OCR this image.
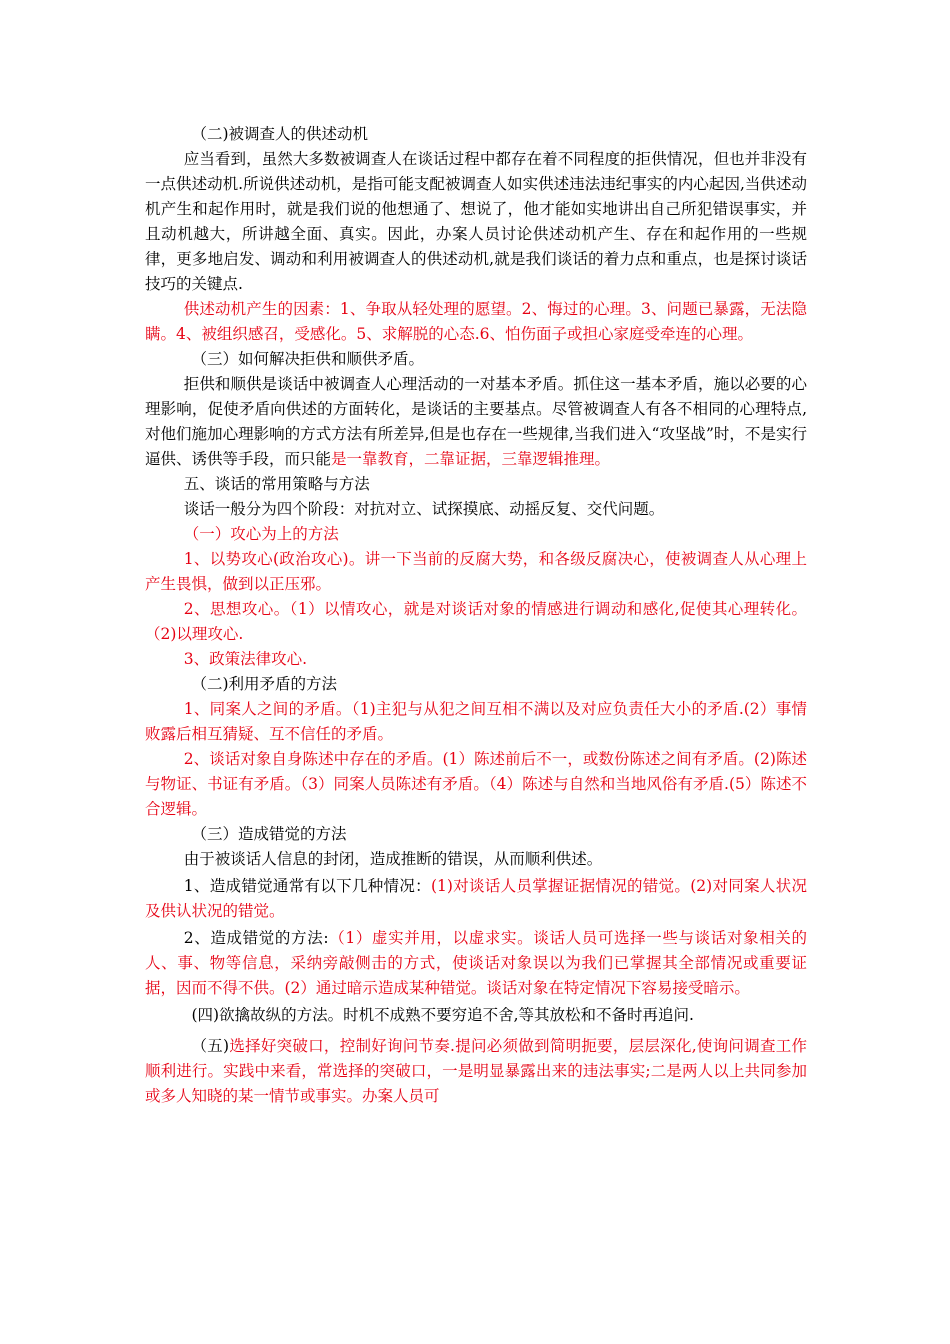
（二)被调查人的供述动机

应当看到，虽然大多数被调查人在谈话过程中都存在着不同程度的拒供情况，但也并非没有一点供述动机.所说供述动机，是指可能支配被调查人如实供述违法违纪事实的内心起因,当供述动机产生和起作用时，就是我们说的他想通了、想说了，他才能如实地讲出自己所犯错误事实，并且动机越大，所讲越全面、真实。因此，办案人员讨论供述动机产生、存在和起作用的一些规律，更多地启发、调动和利用被调查人的供述动机,就是我们谈话的着力点和重点，也是探讨谈话技巧的关键点.

供述动机产生的因素：1、争取从轻处理的愿望。2、悔过的心理。3、问题已暴露，无法隐瞒。4、被组织感召，受感化。5、求解脱的心态.6、怕伤面子或担心家庭受牵连的心理。

（三）如何解决拒供和顺供矛盾。

拒供和顺供是谈话中被调查人心理活动的一对基本矛盾。抓住这一基本矛盾，施以必要的心理影响，促使矛盾向供述的方面转化，是谈话的主要基点。尽管被调查人有各不相同的心理特点,对他们施加心理影响的方式方法有所差异,但是也存在一些规律,当我们进入“攻坚战”时，不是实行逼供、诱供等手段，而只能是一靠教育，二靠证据，三靠逻辑推理。

五、谈话的常用策略与方法

谈话一般分为四个阶段：对抗对立、试探摸底、动摇反复、交代问题。

（一）攻心为上的方法

1、以势攻心(政治攻心)。讲一下当前的反腐大势，和各级反腐决心，使被调查人从心理上产生畏惧，做到以正压邪。

2、思想攻心。（1）以情攻心，就是对谈话对象的情感进行调动和感化,促使其心理转化。（2)以理攻心.

3、政策法律攻心.

（二)利用矛盾的方法

1、同案人之间的矛盾。（1)主犯与从犯之间互相不满以及对应负责任大小的矛盾.(2）事情败露后相互猜疑、互不信任的矛盾。

2、谈话对象自身陈述中存在的矛盾。(1）陈述前后不一，或数份陈述之间有矛盾。(2)陈述与物证、书证有矛盾。（3）同案人员陈述有矛盾。（4）陈述与自然和当地风俗有矛盾.(5）陈述不合逻辑。

（三）造成错觉的方法

由于被谈话人信息的封闭，造成推断的错误，从而顺利供述。

1、造成错觉通常有以下几种情况：(1)对谈话人员掌握证据情况的错觉。(2)对同案人状况及供认状况的错觉。

2、造成错觉的方法:（1）虚实并用，以虚求实。谈话人员可选择一些与谈话对象相关的人、事、物等信息，采纳旁敲侧击的方式，使谈话对象误以为我们已掌握其全部情况或重要证据，因而不得不供。(2）通过暗示造成某种错觉。谈话对象在特定情况下容易接受暗示。

(四)欲擒故纵的方法。时机不成熟不要穷追不舍,等其放松和不备时再追问.

（五)选择好突破口，控制好询问节奏.提问必须做到简明扼要，层层深化,使询问调查工作顺利进行。实践中来看，常选择的突破口，一是明显暴露出来的违法事实;二是两人以上共同参加或多人知晓的某一情节或事实。办案人员可
